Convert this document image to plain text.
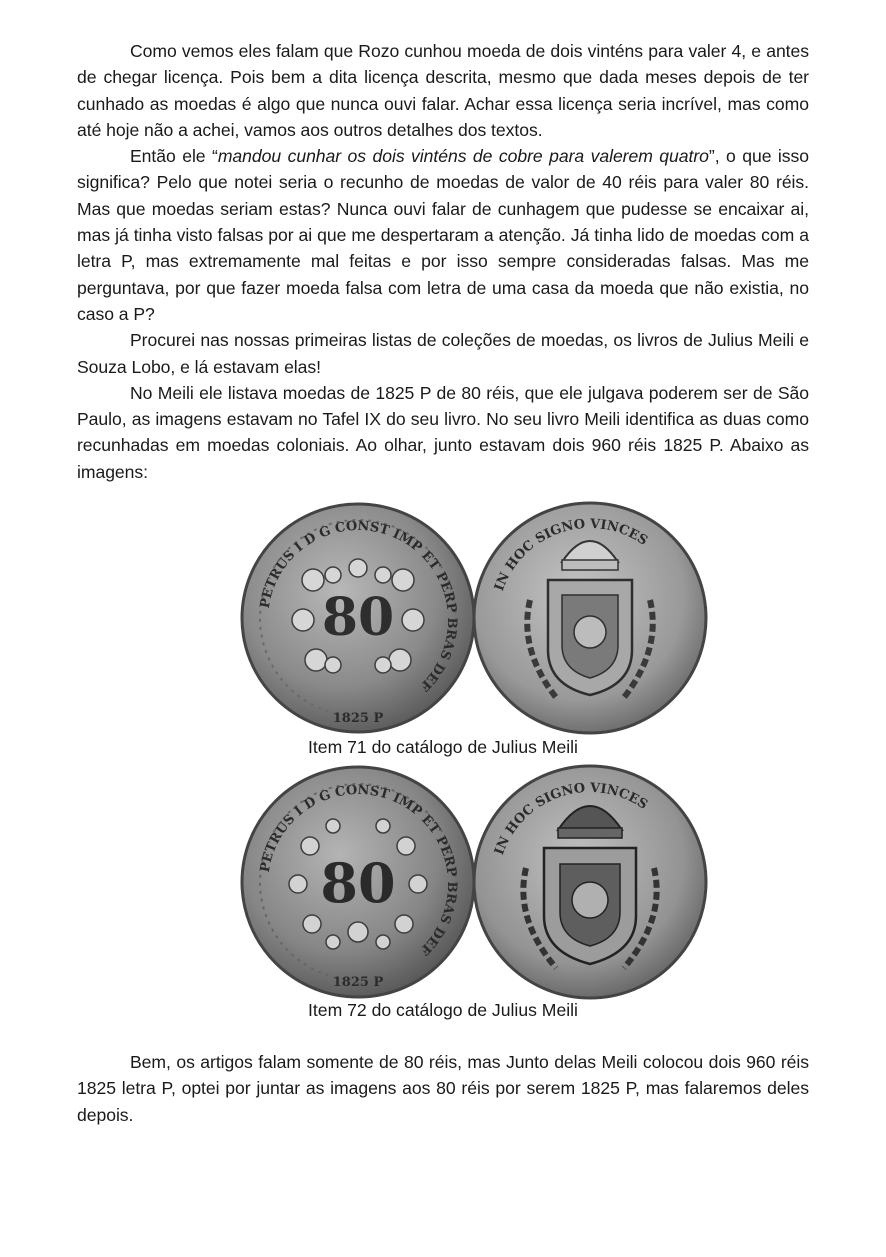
Como vemos eles falam que Rozo cunhou moeda de dois vinténs para valer 4, e antes de chegar licença. Pois bem a dita licença descrita, mesmo que dada meses depois de ter cunhado as moedas é algo que nunca ouvi falar. Achar essa licença seria incrível, mas como até hoje não a achei, vamos aos outros detalhes dos textos.

Então ele “mandou cunhar os dois vinténs de cobre para valerem quatro”, o que isso significa? Pelo que notei seria o recunho de moedas de valor de 40 réis para valer 80 réis. Mas que moedas seriam estas? Nunca ouvi falar de cunhagem que pudesse se encaixar ai, mas já tinha visto falsas por ai que me despertaram a atenção. Já tinha lido de moedas com a letra P, mas extremamente mal feitas e por isso sempre consideradas falsas. Mas me perguntava, por que fazer moeda falsa com letra de uma casa da moeda que não existia, no caso a P?

Procurei nas nossas primeiras listas de coleções de moedas, os livros de Julius Meili e Souza Lobo, e lá estavam elas!

No Meili ele listava moedas de 1825 P de 80 réis, que ele julgava poderem ser de São Paulo, as imagens estavam no Tafel IX do seu livro. No seu livro Meili identifica as duas como recunhadas em moedas coloniais. Ao olhar, junto estavam dois 960 réis 1825 P. Abaixo as imagens:

80
PETRUS I D G CONST IMP ET PERP BRAS DEF
1825 P
IN HOC SIGNO VINCES
Item 71 do catálogo de Julius Meili
80
PETRUS I D G CONST IMP ET PERP BRAS DEF
1825 P
IN HOC SIGNO VINCES
Item 72 do catálogo de Julius Meili

Bem, os artigos falam somente de 80 réis, mas Junto delas Meili colocou dois 960 réis 1825 letra P, optei por juntar as imagens aos 80 réis por serem 1825 P, mas falaremos deles depois.
